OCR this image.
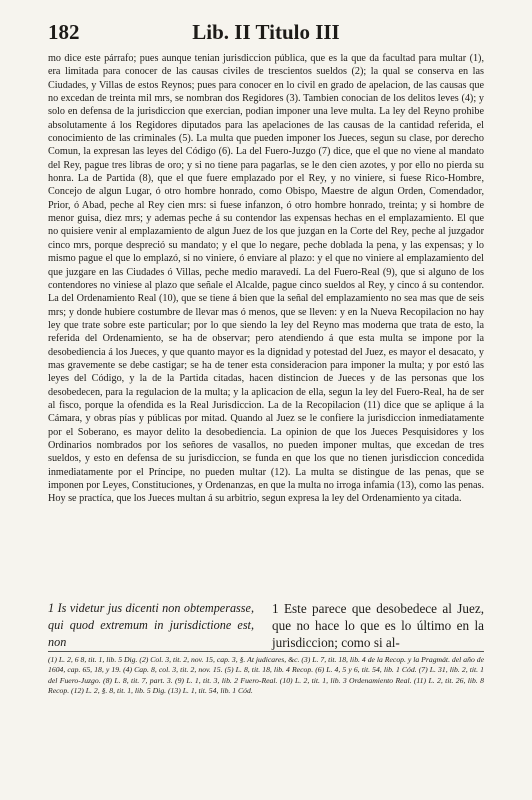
182	Lib. II Titulo III

mo dice este párrafo; pues aunque tenian jurisdiccion pública, que es la que da facultad para multar (1), era limitada para conocer de las causas civiles de trescientos sueldos (2); la qual se conserva en las Ciudades, y Villas de estos Reynos; pues para conocer en lo civil en grado de apelacion, de las causas que no excedan de treinta mil mrs, se nombran dos Regidores (3). Tambien conocian de los delitos leves (4); y solo en defensa de la jurisdiccion que exercian, podian imponer una leve multa. La ley del Reyno prohibe absolutamente á los Regidores diputados para las apelaciones de las causas de la cantidad referida, el conocimiento de las criminales (5). La multa que pueden imponer los Jueces, segun su clase, por derecho Comun, la expresan las leyes del Código (6). La del Fuero-Juzgo (7) dice, que el que no viene al mandato del Rey, pague tres libras de oro; y si no tiene para pagarlas, se le den cien azotes, y por ello no pierda su honra. La de Partida (8), que el que fuere emplazado por el Rey, y no viniere, si fuese Rico-Hombre, Concejo de algun Lugar, ó otro hombre honrado, como Obispo, Maestre de algun Orden, Comendador, Prior, ó Abad, peche al Rey cien mrs: si fuese infanzon, ó otro hombre honrado, treinta; y si hombre de menor guisa, diez mrs; y ademas peche á su contendor las expensas hechas en el emplazamiento. El que no quisiere venir al emplazamiento de algun Juez de los que juzgan en la Corte del Rey, peche al juzgador cinco mrs, porque despreció su mandato; y el que lo negare, peche doblada la pena, y las expensas; y lo mismo pague el que lo emplazó, si no viniere, ó enviare al plazo: y el que no viniere al emplazamiento del que juzgare en las Ciudades ó Villas, peche medio maravedí. La del Fuero-Real (9), que si alguno de los contendores no viniese al plazo que señale el Alcalde, pague cinco sueldos al Rey, y cinco á su contendor. La del Ordenamiento Real (10), que se tiene á bien que la señal del emplazamiento no sea mas que de seis mrs; y donde hubiere costumbre de llevar mas ó menos, que se lleven: y en la Nueva Recopilacion no hay ley que trate sobre este particular; por lo que siendo la ley del Reyno mas moderna que trata de esto, la referida del Ordenamiento, se ha de observar; pero atendiendo á que esta multa se impone por la desobediencia á los Jueces, y que quanto mayor es la dignidad y potestad del Juez, es mayor el desacato, y mas gravemente se debe castigar; se ha de tener esta consideracion para imponer la multa; y por estó las leyes del Código, y la de la Partida citadas, hacen distincion de Jueces y de las personas que los desobedecen, para la regulacion de la multa; y la aplicacion de ella, segun la ley del Fuero-Real, ha de ser al fisco, porque la ofendida es la Real Jurisdiccion. La de la Recopilacion (11) dice que se aplique á la Cámara, y obras pías y públicas por mitad. Quando al Juez se le confiere la jurisdiccion inmediatamente por el Soberano, es mayor delito la desobediencia. La opinion de que los Jueces Pesquisidores y los Ordinarios nombrados por los señores de vasallos, no pueden imponer multas, que excedan de tres sueldos, y esto en defensa de su jurisdiccion, se funda en que los que no tienen jurisdiccion concedida inmediatamente por el Príncipe, no pueden multar (12). La multa se distingue de las penas, que se imponen por Leyes, Constituciones, y Ordenanzas, en que la multa no irroga infamia (13), como las penas. Hoy se practíca, que los Jueces multan á su arbitrio, segun expresa la ley del Ordenamiento ya citada.

1 Is videtur jus dicenti non obtemperasse, qui quod extremum in jurisdictione est, non
1 Este parece que desobedece al Juez, que no hace lo que es lo último en la jurisdiccion; como si al-

(1) L. 2, 6 8, tit. 1, lib. 5 Dig. (2) Col. 3, tit. 2, nov. 15, cap. 3, §. At judicares, &c. (3) L. 7, tit. 18, lib. 4 de la Recop. y la Pragmát. del año de 1604, cap. 65, 18, y 19. (4) Cap. 8, col. 3, tit. 2, nov. 15. (5) L. 8, tit. 18, lib. 4 Recop. (6) L. 4, 5 y 6, tit. 54, lib. 1 Cód. (7) L. 31, lib. 2, tit. 1 del Fuero-Juzgo. (8) L. 8, tit. 7, part. 3. (9) L. 1, tit. 3, lib. 2 Fuero-Real. (10) L. 2, tit. 1, lib. 3 Ordenamiento Real. (11) L. 2, tit. 26, lib. 8 Recop. (12) L. 2, §. 8, tit. 1, lib. 5 Dig. (13) L. 1, tit. 54, lib. 1 Cód.
